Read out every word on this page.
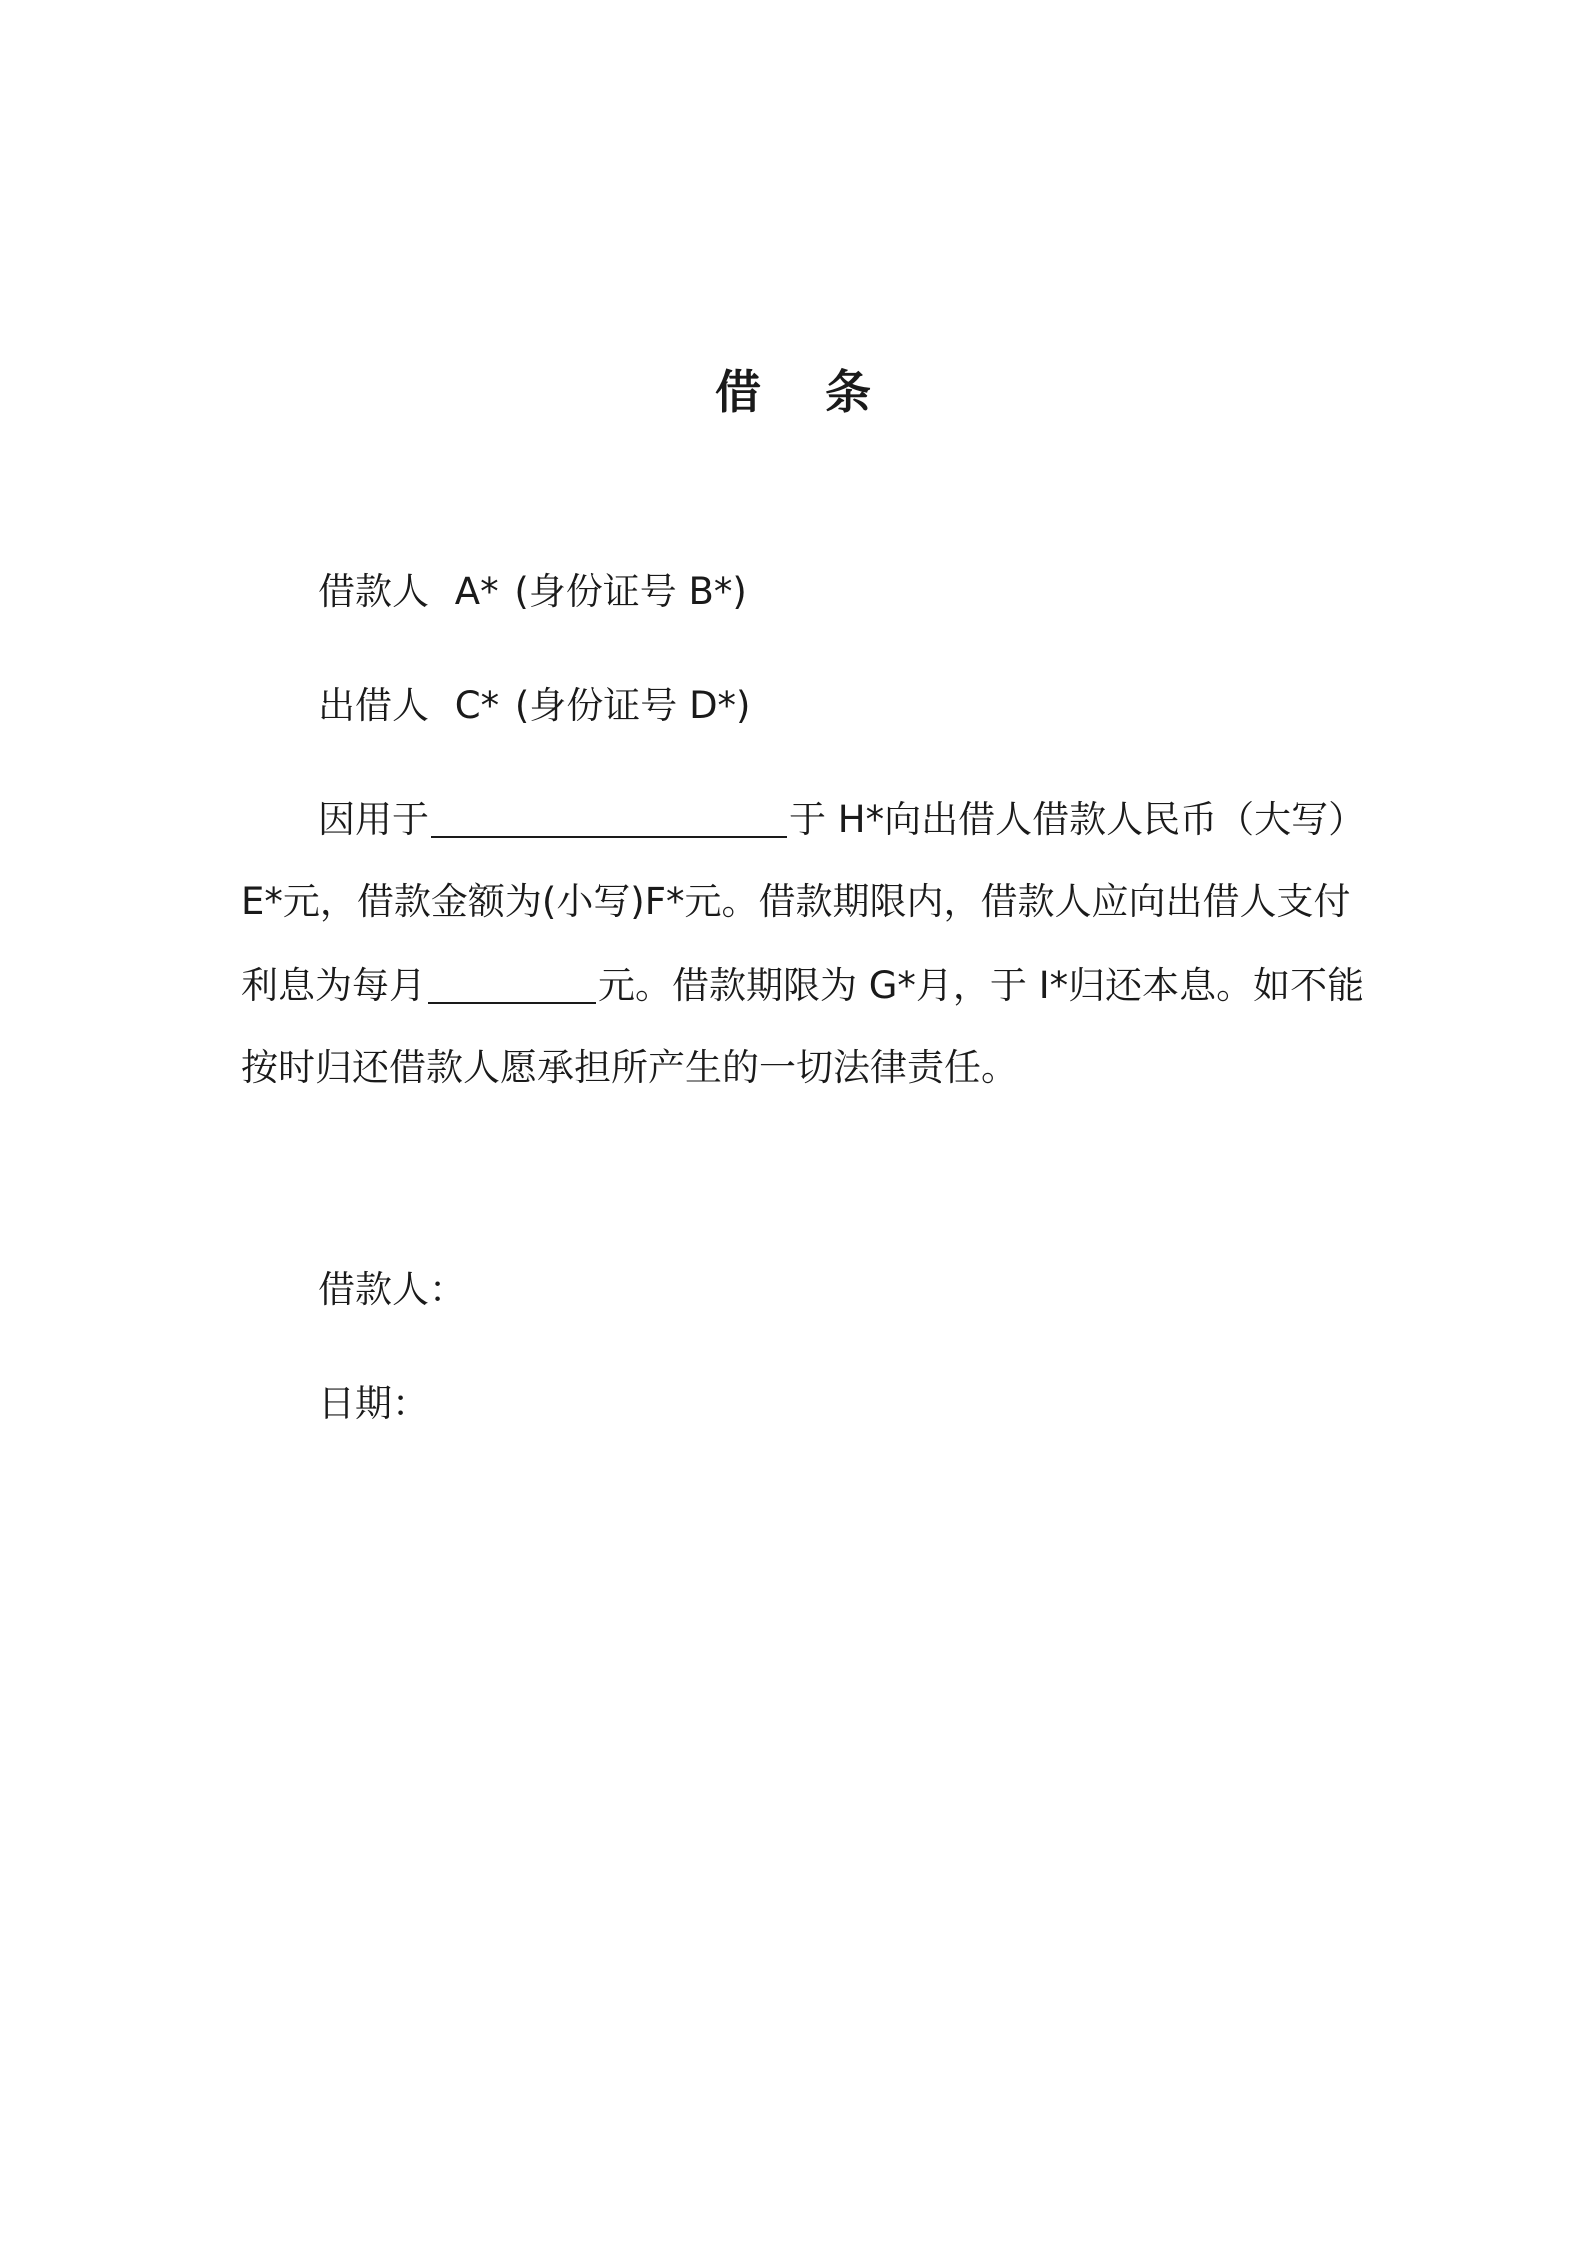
借 条
借款人 A* (身份证号 B*)
出借人 C* (身份证号 D*)
因用于	于 H*向出借人借款人民币（大写）
E*元，借款金额为(小写)F*元。借款期限内，借款人应向出借人支付
利息为每月	元。借款期限为 G*月，于 I*归还本息。如不能
按时归还借款人愿承担所产生的一切法律责任。
借款人：
日期：
